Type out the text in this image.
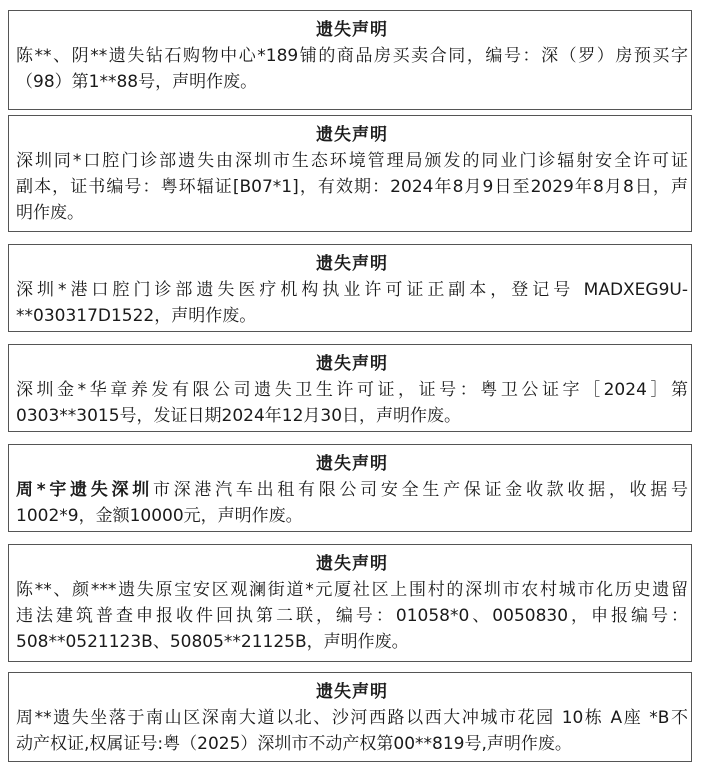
遗失声明
陈**、阴**遗失钻石购物中心*189铺的商品房买卖合同，编号：深（罗）房预买字
（98）第1**88号，声明作废。
遗失声明
深圳同*口腔门诊部遗失由深圳市生态环境管理局颁发的同业门诊辐射安全许可证
副本，证书编号：粤环辐证[B07*1]，有效期：2024年8月9日至2029年8月8日，声
明作废。
遗失声明
深圳*港口腔门诊部遗失医疗机构执业许可证正副本，登记号 MADXEG9U-
**030317D1522，声明作废。
遗失声明
深圳金*华章养发有限公司遗失卫生许可证，证号：粤卫公证字［2024］第
0303**3015号，发证日期2024年12月30日，声明作废。
遗失声明
周*宇遗失深圳市深港汽车出租有限公司安全生产保证金收款收据，收据号
1002*9，金额10000元，声明作废。
遗失声明
陈**、颜***遗失原宝安区观澜街道*元厦社区上围村的深圳市农村城市化历史遗留
违法建筑普查申报收件回执第二联，编号：01058*0、0050830，申报编号：
508**0521123B、50805**21125B，声明作废。
遗失声明
周**遗失坐落于南山区深南大道以北、沙河西路以西大冲城市花园 10栋 A座 *B不
动产权证,权属证号:粤（2025）深圳市不动产权第00**819号,声明作废。
